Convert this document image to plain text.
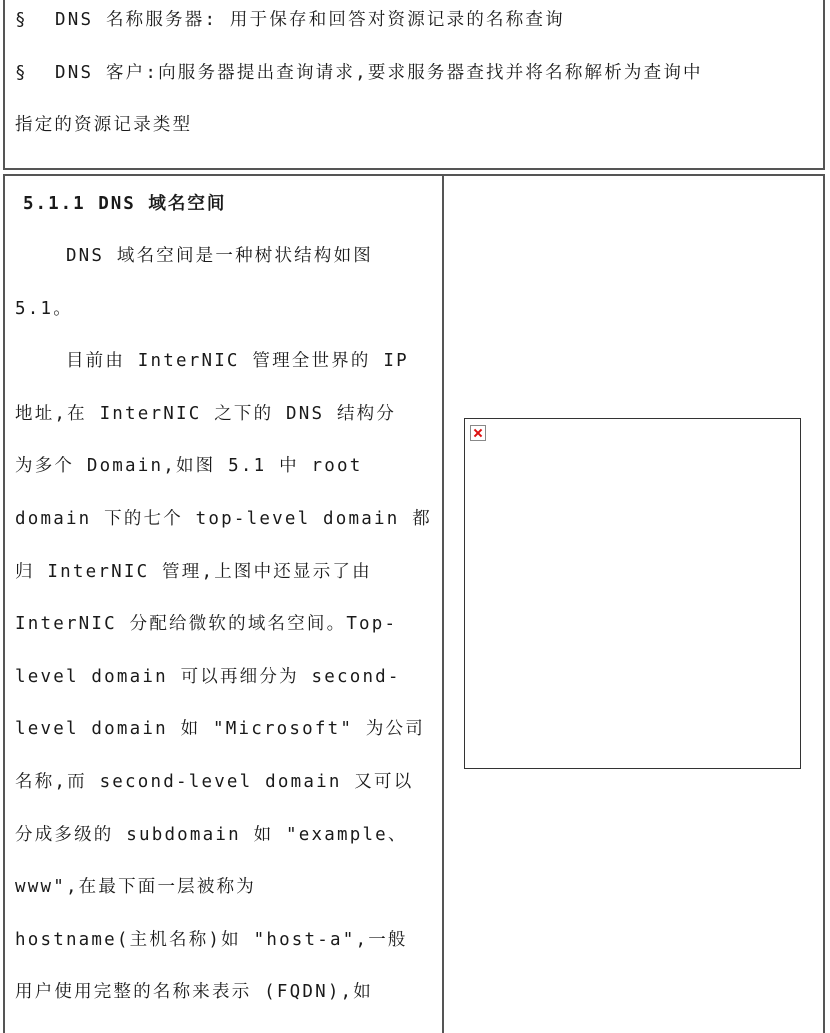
§ DNS 名称服务器: 用于保存和回答对资源记录的名称查询
§ DNS 客户:向服务器提出查询请求,要求服务器查找并将名称解析为查询中
指定的资源记录类型
5.1.1 DNS 域名空间
DNS 域名空间是一种树状结构如图
5.1。
目前由 InterNIC 管理全世界的 IP
地址,在 InterNIC 之下的 DNS 结构分
为多个 Domain,如图 5.1 中 root
domain 下的七个 top-level domain 都
归 InterNIC 管理,上图中还显示了由
InterNIC 分配给微软的域名空间。Top-
level domain 可以再细分为 second-
level domain 如 "Microsoft" 为公司
名称,而 second-level domain 又可以
分成多级的 subdomain 如 "example、
www",在最下面一层被称为
hostname(主机名称)如 "host-a",一般
用户使用完整的名称来表示 (FQDN),如
